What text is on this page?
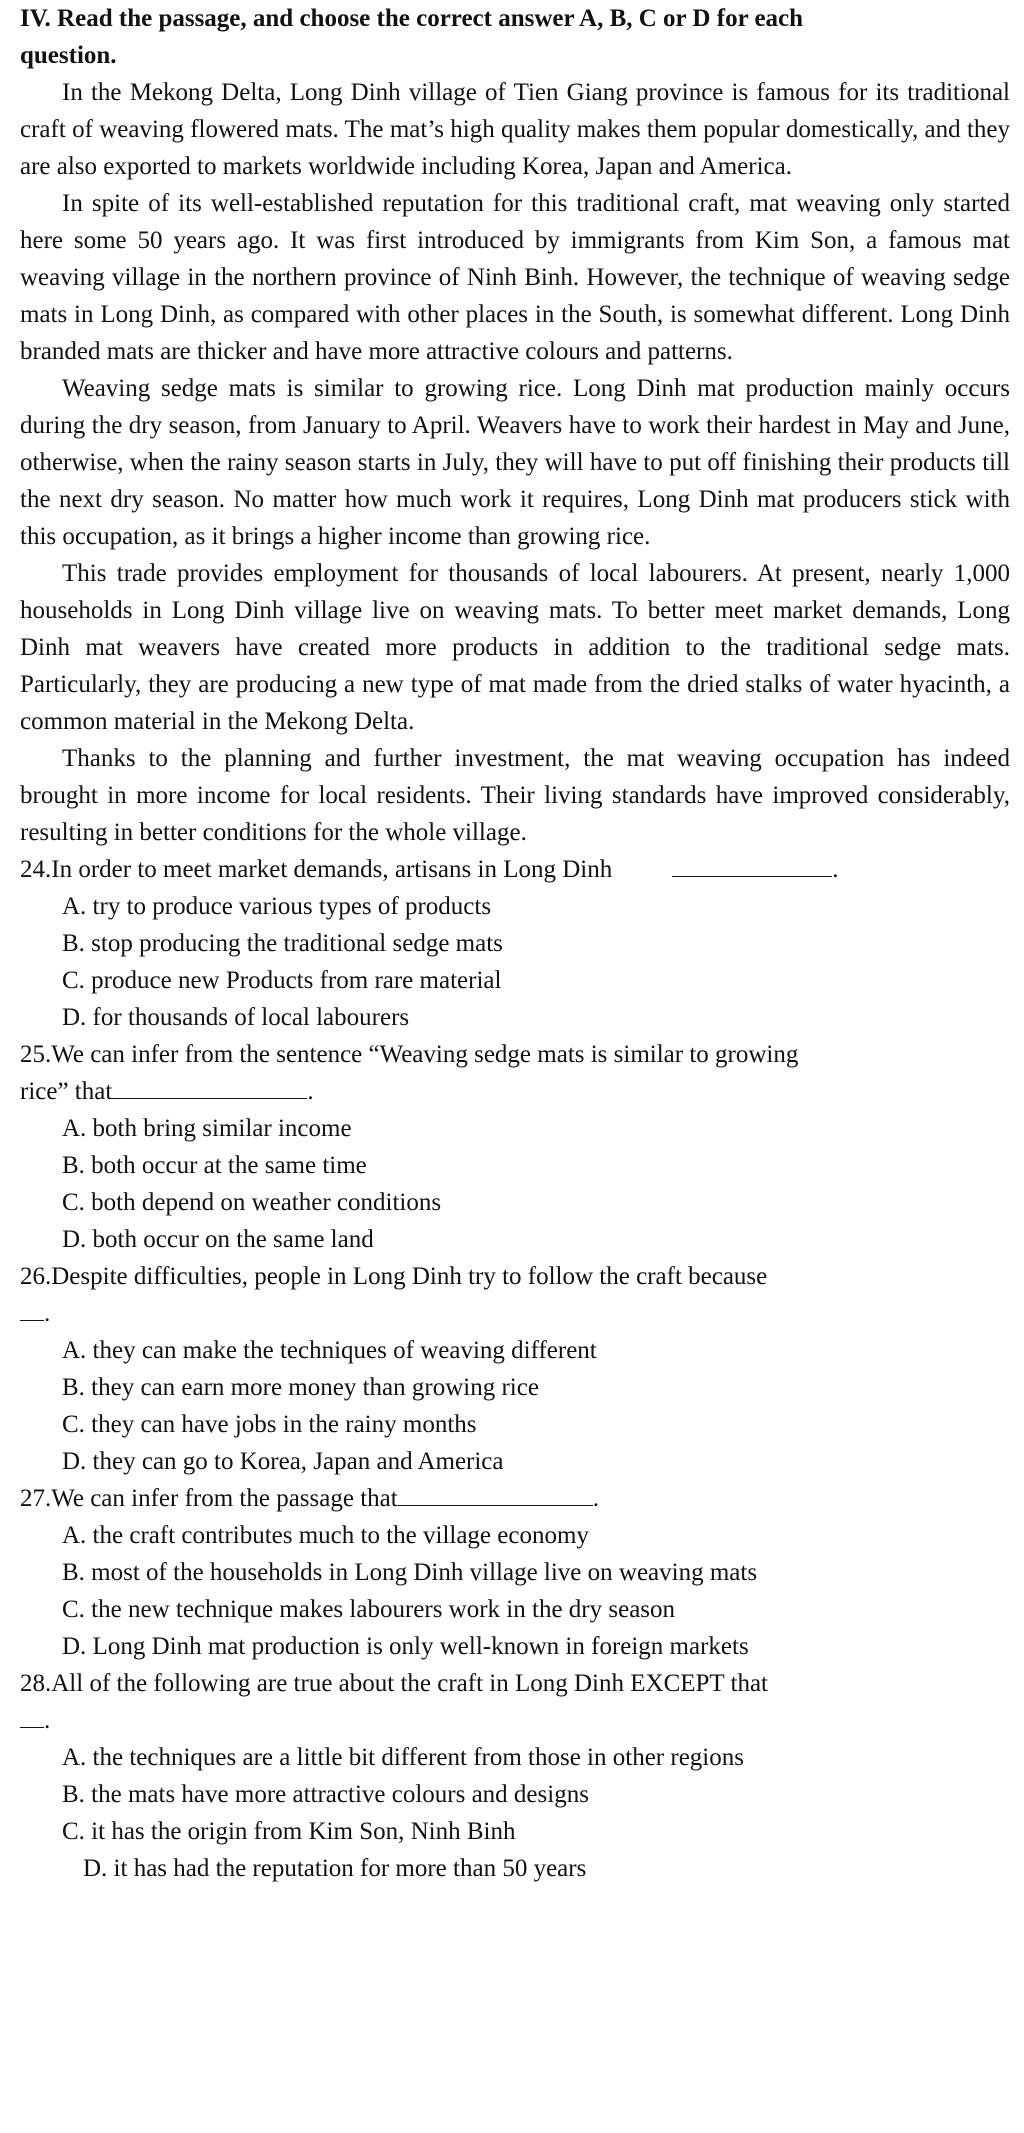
IV. Read the passage, and choose the correct answer A, B, C or D for each
question.

In the Mekong Delta, Long Dinh village of Tien Giang province is famous for its traditional craft of weaving flowered mats. The mat’s high quality makes them popular domestically, and they are also exported to markets worldwide including Korea, Japan and America.

In spite of its well-established reputation for this traditional craft, mat weaving only started here some 50 years ago. It was first introduced by immigrants from Kim Son, a famous mat weaving village in the northern province of Ninh Binh. However, the technique of weaving sedge mats in Long Dinh, as compared with other places in the South, is somewhat different. Long Dinh branded mats are thicker and have more attractive colours and patterns.

Weaving sedge mats is similar to growing rice. Long Dinh mat production mainly occurs during the dry season, from January to April. Weavers have to work their hardest in May and June, otherwise, when the rainy season starts in July, they will have to put off finishing their products till the next dry season. No matter how much work it requires, Long Dinh mat producers stick with this occupation, as it brings a higher income than growing rice.

This trade provides employment for thousands of local labourers. At present, nearly 1,000 households in Long Dinh village live on weaving mats. To better meet market demands, Long Dinh mat weavers have created more products in addition to the traditional sedge mats. Particularly, they are producing a new type of mat made from the dried stalks of water hyacinth, a common material in the Mekong Delta.

Thanks to the planning and further investment, the mat weaving occupation has indeed brought in more income for local residents. Their living standards have improved considerably, resulting in better conditions for the whole village.

24.In order to meet market demands, artisans in Long Dinh	.

A. try to produce various types of products
B. stop producing the traditional sedge mats
C. produce new Products from rare material
D. for thousands of local labourers

25.We can infer from the sentence “Weaving sedge mats is similar to growing
rice” that	.

A. both bring similar income
B. both occur at the same time
C. both depend on weather conditions
D. both occur on the same land

26.Despite difficulties, people in Long Dinh try to follow the craft because
.

A. they can make the techniques of weaving different
B. they can earn more money than growing rice
C. they can have jobs in the rainy months
D. they can go to Korea, Japan and America

27.We can infer from the passage that	.

A. the craft contributes much to the village economy
B. most of the households in Long Dinh village live on weaving mats
C. the new technique makes labourers work in the dry season
D. Long Dinh mat production is only well-known in foreign markets

28.All of the following are true about the craft in Long Dinh EXCEPT that
.

A. the techniques are a little bit different from those in other regions
B. the mats have more attractive colours and designs
C. it has the origin from Kim Son, Ninh Binh
D. it has had the reputation for more than 50 years
